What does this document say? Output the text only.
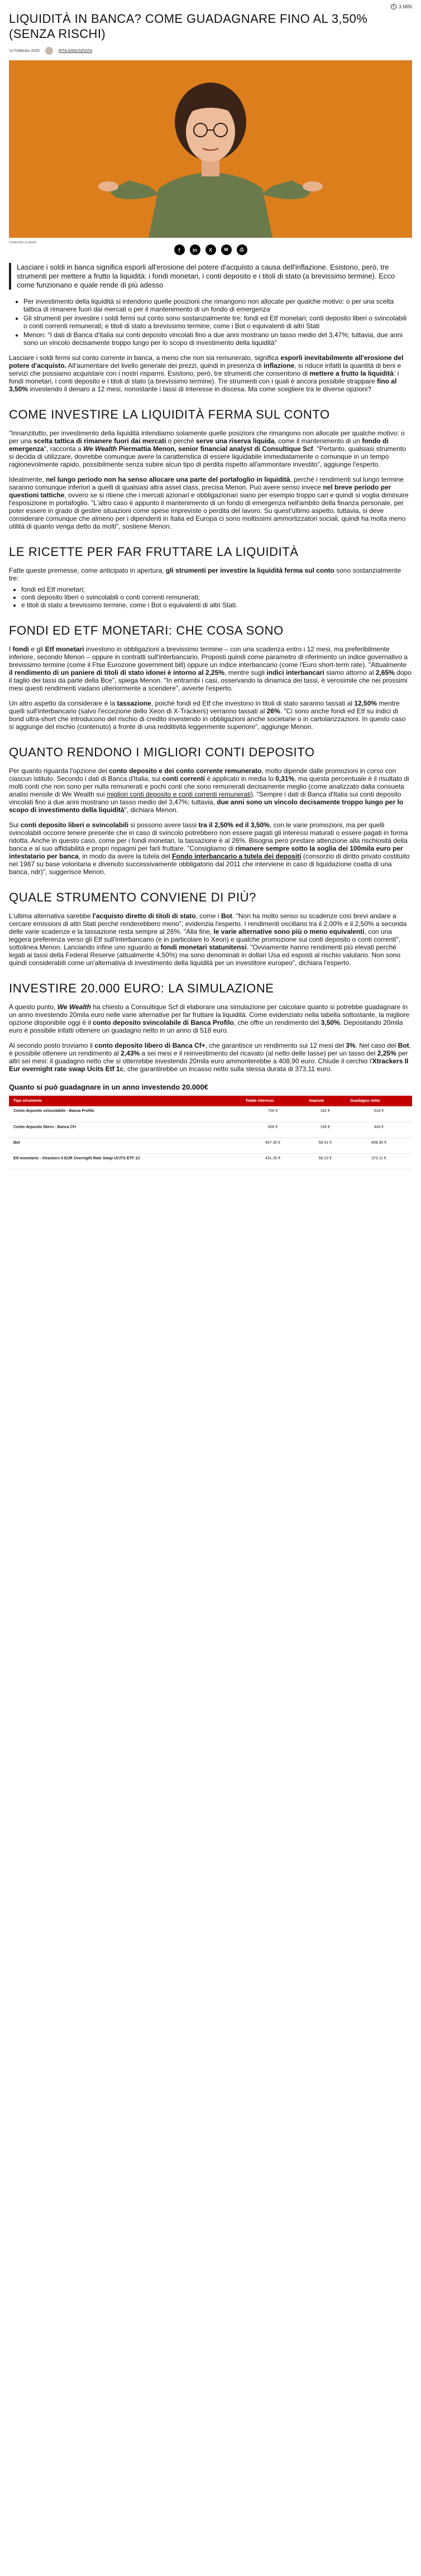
3 MIN
LIQUIDITÀ IN BANCA? COME GUADAGNARE FINO AL 3,50% (SENZA RISCHI)
13 Febbraio 2025	RITA ANNUNZIATA
CONDIVIDI LA NEWS
f	in	X	✉	⎙
Lasciare i soldi in banca significa esporli all'erosione del potere d'acquisto a causa dell'inflazione. Esistono, però, tre strumenti per mettere a frutto la liquidità: i fondi monetari, i conti deposito e i titoli di stato (a brevissimo termine). Ecco come funzionano e quale rende di più adesso
• Per investimento della liquidità si intendono quelle posizioni che rimangono non allocate per qualche motivo: o per una scelta tattica di rimanere fuori dai mercati o per il mantenimento di un fondo di emergenza
• Gli strumenti per investire i soldi fermi sul conto sono sostanzialmente tre: fondi ed Etf monetari; conti deposito liberi o svincolabili o conti correnti remunerati; e titoli di stato a brevissimo termine, come i Bot o equivalenti di altri Stati
• Menon: "I dati di Banca d'Italia sui conti deposito vincolati fino a due anni mostrano un tasso medio del 3,47%; tuttavia, due anni sono un vincolo decisamente troppo lungo per lo scopo di investimento della liquidità"

Lasciare i soldi fermi sul conto corrente in banca, a meno che non sia remunerato, significa esporli inevitabilmente all'erosione del potere d'acquisto. All'aumentare del livello generale dei prezzi, quindi in presenza di inflazione, si riduce infatti la quantità di beni e servizi che possiamo acquistare con i nostri risparmi. Esistono, però, tre strumenti che consentono di mettere a frutto la liquidità: i fondi monetari, i conti deposito e i titoli di stato (a brevissimo termine). Tre strumenti con i quali è ancora possibile strappare fino al 3,50% investendo il denaro a 12 mesi, nonostante i tassi di interesse in discesa. Ma come scegliere tra le diverse opzioni?

COME INVESTIRE LA LIQUIDITÀ FERMA SUL CONTO

"Innanzitutto, per investimento della liquidità intendiamo solamente quelle posizioni che rimangono non allocate per qualche motivo: o per una scelta tattica di rimanere fuori dai mercati o perché serve una riserva liquida, come il mantenimento di un fondo di emergenza", racconta a We Wealth Piermattia Menon, senior financial analyst di Consultique Scf. "Pertanto, qualsiasi strumento si decida di utilizzare, dovrebbe comunque avere la caratteristica di essere liquidabile immediatamente o comunque in un tempo ragionevolmente rapido, possibilmente senza subire alcun tipo di perdita rispetto all'ammontare investito", aggiunge l'esperto.

Idealmente, nel lungo periodo non ha senso allocare una parte del portafoglio in liquidità, perché i rendimenti sul lungo termine saranno comunque inferiori a quelli di qualsiasi altra asset class, precisa Menon. Può avere senso invece nel breve periodo per questioni tattiche, ovvero se si ritiene che i mercati azionari e obbligazionari siano per esempio troppo cari e quindi si voglia diminuire l'esposizione in portafoglio. "L'altro caso è appunto il mantenimento di un fondo di emergenza nell'ambito della finanza personale, per poter essere in grado di gestire situazioni come spese impreviste o perdita del lavoro. Su quest'ultimo aspetto, tuttavia, si deve considerare comunque che almeno per i dipendenti in Italia ed Europa ci sono moltissimi ammortizzatori sociali, quindi ha molta meno utilità di quanto venga detto da molti", sostiene Menon.

LE RICETTE PER FAR FRUTTARE LA LIQUIDITÀ

Fatte queste premesse, come anticipato in apertura, gli strumenti per investire la liquidità ferma sul conto sono sostanzialmente tre:

• fondi ed Etf monetari;
• conti deposito liberi o svincolabili o conti correnti remunerati;
• e titoli di stato a brevissimo termine, come i Bot o equivalenti di altri Stati.
FONDI ED ETF MONETARI: CHE COSA SONO

I fondi e gli Etf monetari investono in obbligazioni a brevissimo termine – con una scadenza entro i 12 mesi, ma preferibilmente inferiore, secondo Menon – oppure in contratti sull'interbancario. Proposti quindi come parametro di riferimento un indice governativo a brevissimo termine (come il Ftse Eurozone government bill) oppure un indice interbancario (come l'Euro short-term rate). "Attualmente il rendimento di un paniere di titoli di stato idonei è intorno al 2,25%, mentre sugli indici interbancari siamo attorno al 2,65% dopo il taglio dei tassi da parte della Bce", spiega Menon. "In entrambi i casi, osservando la dinamica dei tassi, è verosimile che nei prossimi mesi questi rendimenti vadano ulteriormente a scendere", avverte l'esperto.

Un altro aspetto da considerare è la tassazione, poiché fondi ed Etf che investono in titoli di stato saranno tassati al 12,50% mentre quelli sull'interbancario (salvo l'eccezione dello Xeon di X-Trackers) verranno tassati al 26%. "Ci sono anche fondi ed Etf su indici di bond ultra-short che introducono del rischio di credito investendo in obbligazioni anche societarie o in cartolarizzazioni. In questo caso si aggiunge del rischio (contenuto) a fronte di una redditività leggermente superiore", aggiunge Menon.

QUANTO RENDONO I MIGLIORI CONTI DEPOSITO

Per quanto riguarda l'opzione dei conto deposito e dei conto corrente remunerato, molto dipende dalle promozioni in corso con ciascun istituto. Secondo i dati di Banca d'Italia, sui conti correnti è applicato in media lo 0,31%, ma questa percentuale è il risultato di molti conti che non sono per nulla remunerati e pochi conti che sono remunerati decisamente meglio (come analizzato dalla consueta analisi mensile di We Wealth sui migliori conti deposito e conti correnti remunerati). "Sempre i dati di Banca d'Italia sui conti deposito vincolati fino a due anni mostrano un tasso medio del 3,47%; tuttavia, due anni sono un vincolo decisamente troppo lungo per lo scopo di investimento della liquidità", dichiara Menon.

Sui conti deposito liberi o svincolabili si possono avere tassi tra il 2,50% ed il 3,50%, con le varie promozioni, ma per quelli svincolabili occorre tenere presente che in caso di svincolo potrebbero non essere pagati gli interessi maturati o essere pagati in forma ridotta. Anche in questo caso, come per i fondi monetari, la tassazione è al 26%. Bisogna però prestare attenzione alla rischiosità della banca e al suo affidabilità e propri rispagmi per farli fruttare. "Consigliamo di rimanere sempre sotto la soglia dei 100mila euro per intestatario per banca, in modo da avere la tutela del Fondo interbancario a tutela dei depositi (consorzio di diritto privato costituito nel 1987 su base volontaria e divenuto successivamente obbligatorio dal 2011 che interviene in caso di liquidazione coatta di una banca, ndr)", suggerisce Menon.

QUALE STRUMENTO CONVIENE DI PIÙ?

L'ultima alternativa sarebbe l'acquisto diretto di titoli di stato, come i Bot. "Non ha molto senso su scadenze così brevi andare a cercare emissioni di altri Stati perché renderebbero meno", evidenzia l'esperto. I rendimenti oscillano tra il 2,00% e il 2,50% a seconda delle varie scadenze e la tassazione resta sempre al 26%. "Alla fine, le varie alternative sono più o meno equivalenti, con una leggera preferenza verso gli Etf sull'interbancario (e in particolare lo Xeon) e qualche promozione sui conti deposito o conti correnti", sottolinea Menon. Lanciando infine uno sguardo ai fondi monetari statunitensi. "Ovviamente hanno rendimenti più elevati perché legati ai tassi della Federal Reserve (attualmente 4,50%) ma sono denominati in dollari Usa ed esposti al rischio valutario. Non sono quindi considerabili come un'alternativa di investimento della liquidità per un investitore europeo", dichiara l'esperto.

INVESTIRE 20.000 EURO: LA SIMULAZIONE

A questo punto, We Wealth ha chiesto a Consultique Scf di elaborare una simulazione per calcolare quanto si potrebbe guadagnare in un anno investendo 20mila euro nelle varie alternative per far fruttare la liquidità. Come evidenziato nella tabella sottostante, la migliore opzione disponibile oggi è il conto deposito svincolabile di Banca Profilo, che offre un rendimento del 3,50%. Depositando 20mila euro è possibile infatti ottenere un guadagno netto in un anno di 518 euro.

Al secondo posto troviamo il conto deposito libero di Banca Cf+, che garantisce un rendimento sui 12 mesi del 3%. Nel caso dei Bot, è possibile ottenere un rendimento al 2,43% a sei mesi e il reinvestimento del ricavato (al netto delle tasse) per un tasso del 2,25% per altri sei mesi: il guadagno netto che si otterrebbe investendo 20mila euro ammonterebbe a 408,90 euro. Chiude il cerchio l'Xtrackers II Eur overnight rate swap Ucits Etf 1c, che garantirebbe un incasso netto sulla stessa durata di 373,11 euro.

Quanto si può guadagnare in un anno investendo 20.000€
Tipo strumento	Totale interessi	Imposte	Guadagno netto
Conto deposito svincolabile - Banca Profilo	700 €	182 €	518 €
Conto deposito libero - Banca Cf+	600 €	156 €	444 €
Bot	467.30 €	58.41 €	408.90 €
Etf monetario - Xtrackers II EUR Overnight Rate Swap UCITS ETF 1C	431.35 €	58.23 €	373.11 €
